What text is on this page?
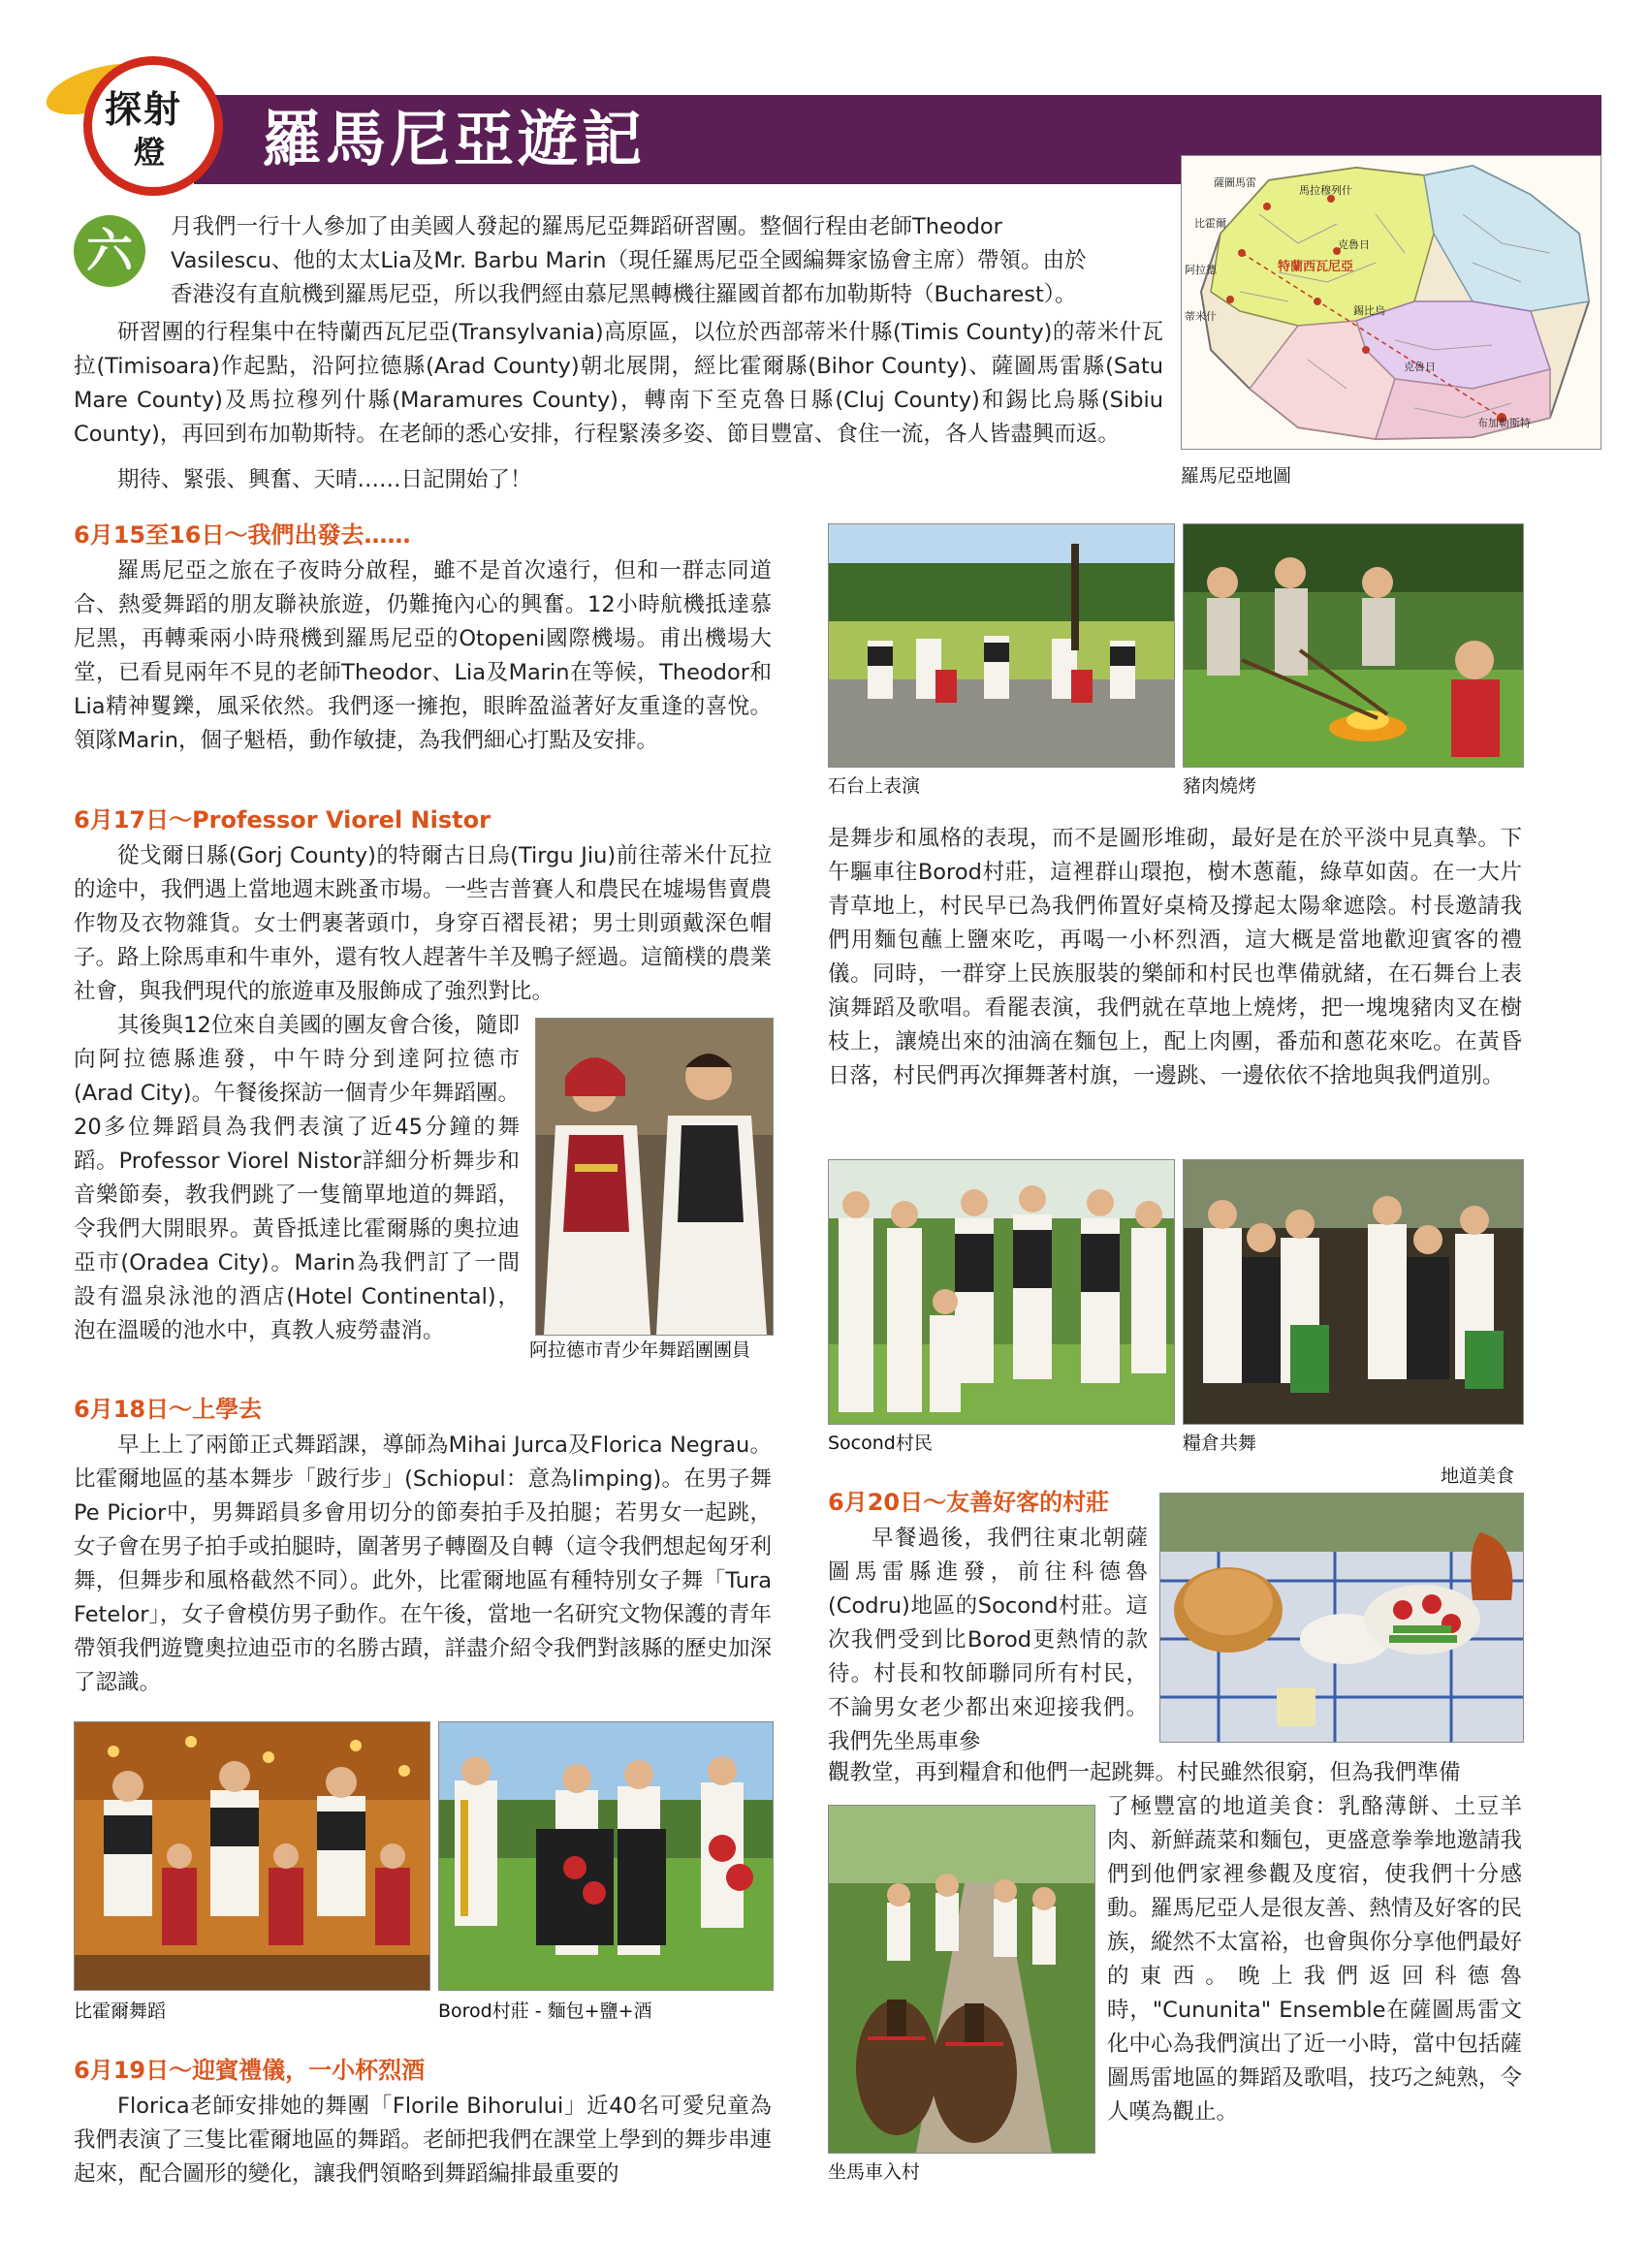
探射
燈 羅馬尼亞遊記
六	月我們一行十人參加了由美國人發起的羅馬尼亞舞蹈研習團。整個行程由老師Theodor
Vasilescu、他的太太Lia及Mr. Barbu Marin（現任羅馬尼亞全國編舞家協會主席）帶領。由於
香港沒有直航機到羅馬尼亞，所以我們經由慕尼黑轉機往羅國首都布加勒斯特（Bucharest）。

研習團的行程集中在特蘭西瓦尼亞(Transylvania)高原區，以位於西部蒂米什縣(Timis County)的蒂米什瓦拉(Timisoara)作起點，沿阿拉德縣(Arad County)朝北展開，經比霍爾縣(Bihor County)、薩圖馬雷縣(Satu Mare County)及馬拉穆列什縣(Maramures County)，轉南下至克魯日縣(Cluj County)和錫比烏縣(Sibiu County)，再回到布加勒斯特。在老師的悉心安排，行程緊湊多姿、節目豐富、食住一流，各人皆盡興而返。

期待、緊張、興奮、天晴……日記開始了！

薩圖馬雷
馬拉穆列什
比霍爾
阿拉德
克魯日
特蘭西瓦尼亞
蒂米什	錫比烏
布加勒斯特
克魯日
羅馬尼亞地圖
6月15至16日～我們出發去……

羅馬尼亞之旅在子夜時分啟程，雖不是首次遠行，但和一群志同道合、熱愛舞蹈的朋友聯袂旅遊，仍難掩內心的興奮。12小時航機抵達慕尼黑，再轉乘兩小時飛機到羅馬尼亞的Otopeni國際機場。甫出機場大堂，已看見兩年不見的老師Theodor、Lia及Marin在等候，Theodor和Lia精神矍鑠，風采依然。我們逐一擁抱，眼眸盈溢著好友重逢的喜悅。領隊Marin，個子魁梧，動作敏捷，為我們細心打點及安排。

6月17日～Professor Viorel Nistor

從戈爾日縣(Gorj County)的特爾古日烏(Tirgu Jiu)前往蒂米什瓦拉的途中，我們遇上當地週末跳蚤市場。一些吉普賽人和農民在墟場售賣農作物及衣物雜貨。女士們裹著頭巾，身穿百褶長裙；男士則頭戴深色帽子。路上除馬車和牛車外，還有牧人趕著牛羊及鴨子經過。這簡樸的農業社會，與我們現代的旅遊車及服飾成了強烈對比。

其後與12位來自美國的團友會合後，隨即向阿拉德縣進發，中午時分到達阿拉德市(Arad City)。午餐後探訪一個青少年舞蹈團。20多位舞蹈員為我們表演了近45分鐘的舞蹈。Professor Viorel Nistor詳細分析舞步和音樂節奏，教我們跳了一隻簡單地道的舞蹈，令我們大開眼界。黃昏抵達比霍爾縣的奧拉迪亞市(Oradea City)。Marin為我們訂了一間設有溫泉泳池的酒店(Hotel Continental)，泡在溫暖的池水中，真教人疲勞盡消。

阿拉德市青少年舞蹈團團員
6月18日～上學去

早上上了兩節正式舞蹈課，導師為Mihai Jurca及Florica Negrau。比霍爾地區的基本舞步「跛行步」(Schiopul：意為limping)。在男子舞Pe Picior中，男舞蹈員多會用切分的節奏拍手及拍腿；若男女一起跳，女子會在男子拍手或拍腿時，圍著男子轉圈及自轉（這令我們想起匈牙利舞，但舞步和風格截然不同）。此外，比霍爾地區有種特別女子舞「Tura Fetelor」，女子會模仿男子動作。在午後，當地一名研究文物保護的青年帶領我們遊覽奧拉迪亞市的名勝古蹟，詳盡介紹令我們對該縣的歷史加深了認識。

比霍爾舞蹈	Borod村莊 - 麵包+鹽+酒
6月19日～迎賓禮儀，一小杯烈酒

Florica老師安排她的舞團「Florile Bihorului」近40名可愛兒童為我們表演了三隻比霍爾地區的舞蹈。老師把我們在課堂上學到的舞步串連起來，配合圖形的變化，讓我們領略到舞蹈編排最重要的

石台上表演	豬肉燒烤
是舞步和風格的表現，而不是圖形堆砌，最好是在於平淡中見真摯。下午驅車往Borod村莊，這裡群山環抱，樹木蔥蘢，綠草如茵。在一大片青草地上，村民早已為我們佈置好桌椅及撐起太陽傘遮陰。村長邀請我們用麵包蘸上鹽來吃，再喝一小杯烈酒，這大概是當地歡迎賓客的禮儀。同時，一群穿上民族服裝的樂師和村民也準備就緒，在石舞台上表演舞蹈及歌唱。看罷表演，我們就在草地上燒烤，把一塊塊豬肉叉在樹枝上，讓燒出來的油滴在麵包上，配上肉團，番茄和蔥花來吃。在黃昏日落，村民們再次揮舞著村旗，一邊跳、一邊依依不捨地與我們道別。
Socond村民	糧倉共舞
地道美食
6月20日～友善好客的村莊

早餐過後，我們往東北朝薩圖馬雷縣進發，前往科德魯(Codru)地區的Socond村莊。這次我們受到比Borod更熱情的款待。村長和牧師聯同所有村民，不論男女老少都出來迎接我們。我們先坐馬車參

觀教堂，再到糧倉和他們一起跳舞。村民雖然很窮，但為我們準備
坐馬車入村
了極豐富的地道美食：乳酪薄餅、土豆羊肉、新鮮蔬菜和麵包，更盛意拳拳地邀請我們到他們家裡參觀及度宿，使我們十分感動。羅馬尼亞人是很友善、熱情及好客的民族，縱然不太富裕，也會與你分享他們最好的東西。晚上我們返回科德魯時，"Cununita" Ensemble在薩圖馬雷文化中心為我們演出了近一小時，當中包括薩圖馬雷地區的舞蹈及歌唱，技巧之純熟，令人嘆為觀止。
